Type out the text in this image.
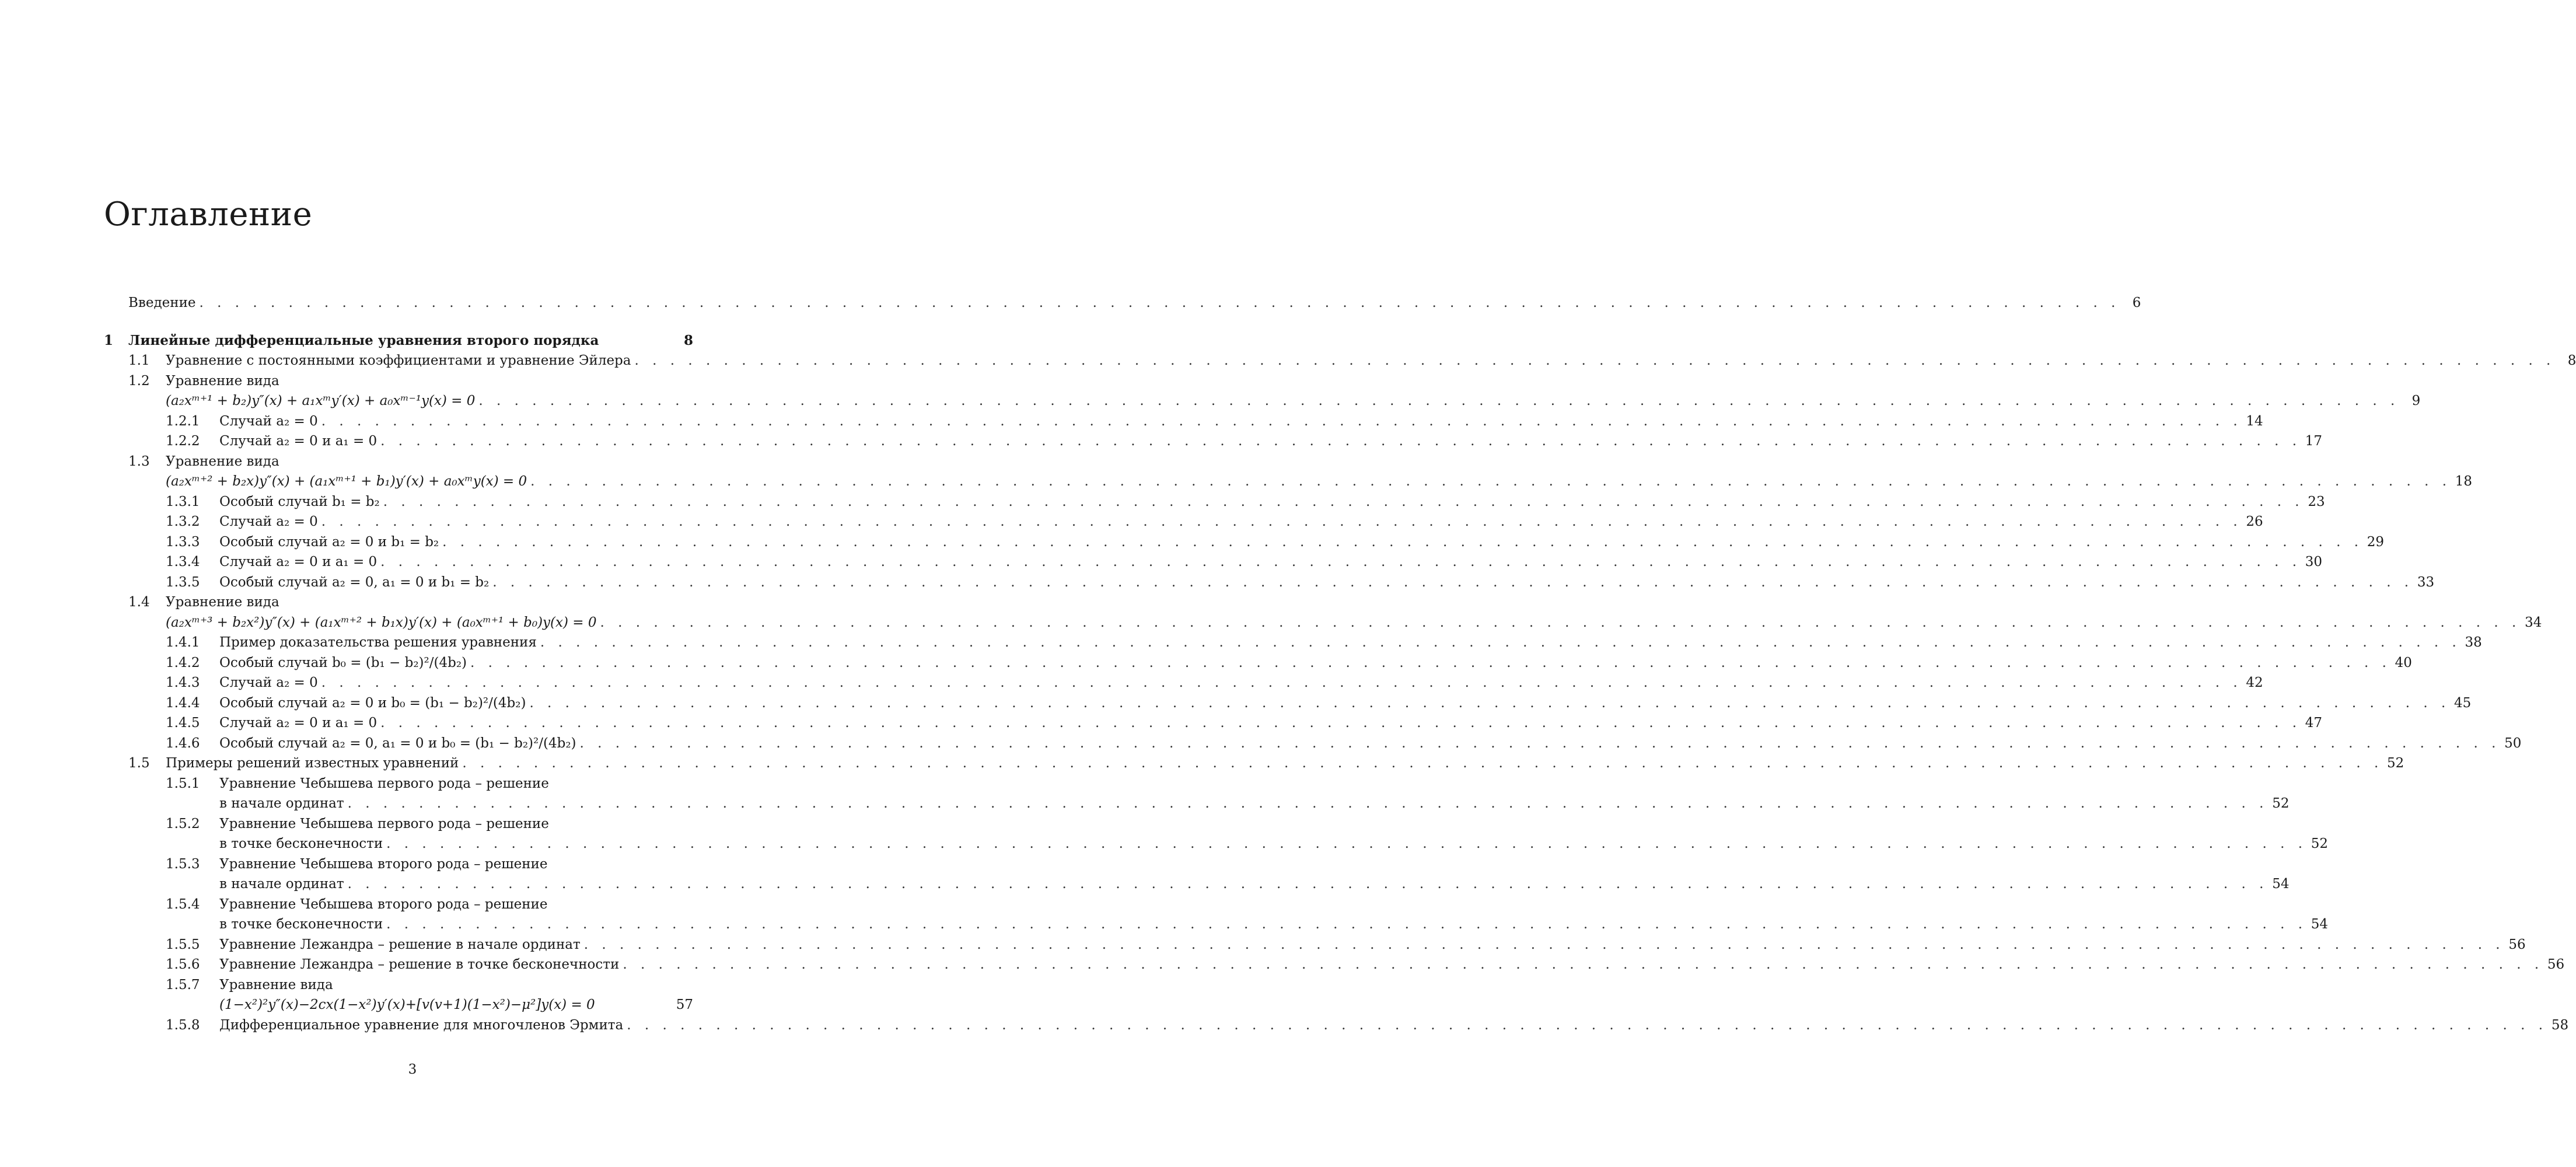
Оглавление
Введение . . .	6
1	Линейные дифференциальные уравнения второго порядка	8
1.1	Уравнение с постоянными коэффициентами и уравнение Эйлера . . .	8
1.2	Уравнение вида
(a₂xᵐ⁺¹ + b₂)y″(x) + a₁xᵐy′(x) + a₀xᵐ⁻¹y(x) = 0 . . .	9
1.2.1	Случай a₂ = 0 . . .	14
1.2.2	Случай a₂ = 0 и a₁ = 0 . . .	17
1.3	Уравнение вида
(a₂xᵐ⁺² + b₂x)y″(x) + (a₁xᵐ⁺¹ + b₁)y′(x) + a₀xᵐy(x) = 0 . . .	18
1.3.1	Особый случай b₁ = b₂ . . .	23
1.3.2	Случай a₂ = 0 . . .	26
1.3.3	Особый случай a₂ = 0 и b₁ = b₂ . . .	29
1.3.4	Случай a₂ = 0 и a₁ = 0 . . .	30
1.3.5	Особый случай a₂ = 0, a₁ = 0 и b₁ = b₂ . . .	33
1.4	Уравнение вида
(a₂xᵐ⁺³ + b₂x²)y″(x) + (a₁xᵐ⁺² + b₁x)y′(x) + (a₀xᵐ⁺¹ + b₀)y(x) = 0 . . .	34
1.4.1	Пример доказательства решения уравнения . . .	38
1.4.2	Особый случай b₀ = (b₁ − b₂)²/(4b₂) . . .	40
1.4.3	Случай a₂ = 0 . . .	42
1.4.4	Особый случай a₂ = 0 и b₀ = (b₁ − b₂)²/(4b₂) . . .	45
1.4.5	Случай a₂ = 0 и a₁ = 0 . . .	47
1.4.6	Особый случай a₂ = 0, a₁ = 0 и b₀ = (b₁ − b₂)²/(4b₂) . . .	50
1.5	Примеры решений известных уравнений . . .	52
1.5.1	Уравнение Чебышева первого рода – решение
в начале ординат . . .	52
1.5.2	Уравнение Чебышева первого рода – решение
в точке бесконечности . . .	52
1.5.3	Уравнение Чебышева второго рода – решение
в начале ординат . . .	54
1.5.4	Уравнение Чебышева второго рода – решение
в точке бесконечности . . .	54
1.5.5	Уравнение Лежандра – решение в начале ординат . . .	56
1.5.6	Уравнение Лежандра – решение в точке бесконечности . . .	56
1.5.7	Уравнение вида
(1−x²)²y″(x)−2cx(1−x²)y′(x)+[v(v+1)(1−x²)−μ²]y(x) = 0	57
1.5.8	Дифференциальное уравнение для многочленов Эрмита . . .	58
3
